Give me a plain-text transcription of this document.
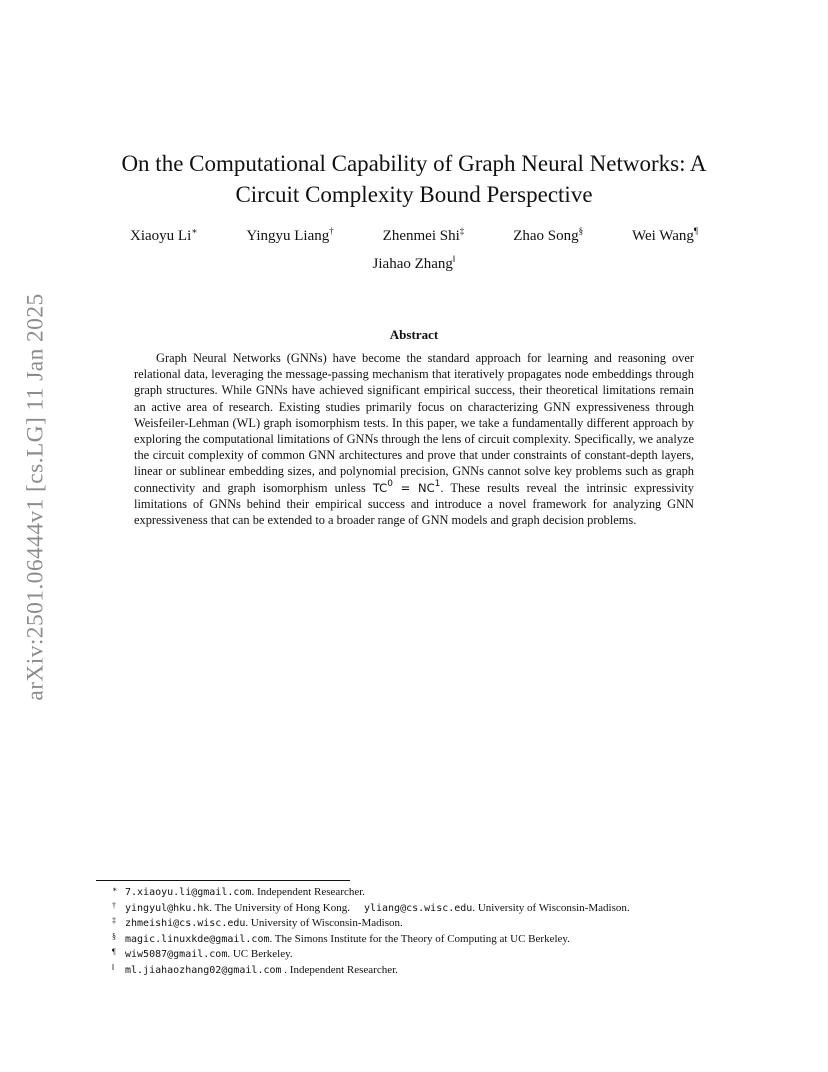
arXiv:2501.06444v1 [cs.LG] 11 Jan 2025
On the Computational Capability of Graph Neural Networks: A
Circuit Complexity Bound Perspective
Xiaoyu Li∗	Yingyu Liang†	Zhenmei Shi‡	Zhao Song§	Wei Wang¶
Jiahao Zhang‖
Abstract
Graph Neural Networks (GNNs) have become the standard approach for learning and reasoning over relational data, leveraging the message-passing mechanism that iteratively propagates node embeddings through graph structures. While GNNs have achieved significant empirical success, their theoretical limitations remain an active area of research. Existing studies primarily focus on characterizing GNN expressiveness through Weisfeiler-Lehman (WL) graph isomorphism tests. In this paper, we take a fundamentally different approach by exploring the computational limitations of GNNs through the lens of circuit complexity. Specifically, we analyze the circuit complexity of common GNN architectures and prove that under constraints of constant-depth layers, linear or sublinear embedding sizes, and polynomial precision, GNNs cannot solve key problems such as graph connectivity and graph isomorphism unless $TC^0 = NC^1$. These results reveal the intrinsic expressivity limitations of GNNs behind their empirical success and introduce a novel framework for analyzing GNN expressiveness that can be extended to a broader range of GNN models and graph decision problems.
∗ 7.xiaoyu.li@gmail.com. Independent Researcher.
† yingyul@hku.hk. The University of Hong Kong. yliang@cs.wisc.edu. University of Wisconsin-Madison.
‡ zhmeishi@cs.wisc.edu. University of Wisconsin-Madison.
§ magic.linuxkde@gmail.com. The Simons Institute for the Theory of Computing at UC Berkeley.
¶ wiw5087@gmail.com. UC Berkeley.
‖ ml.jiahaozhang02@gmail.com . Independent Researcher.
